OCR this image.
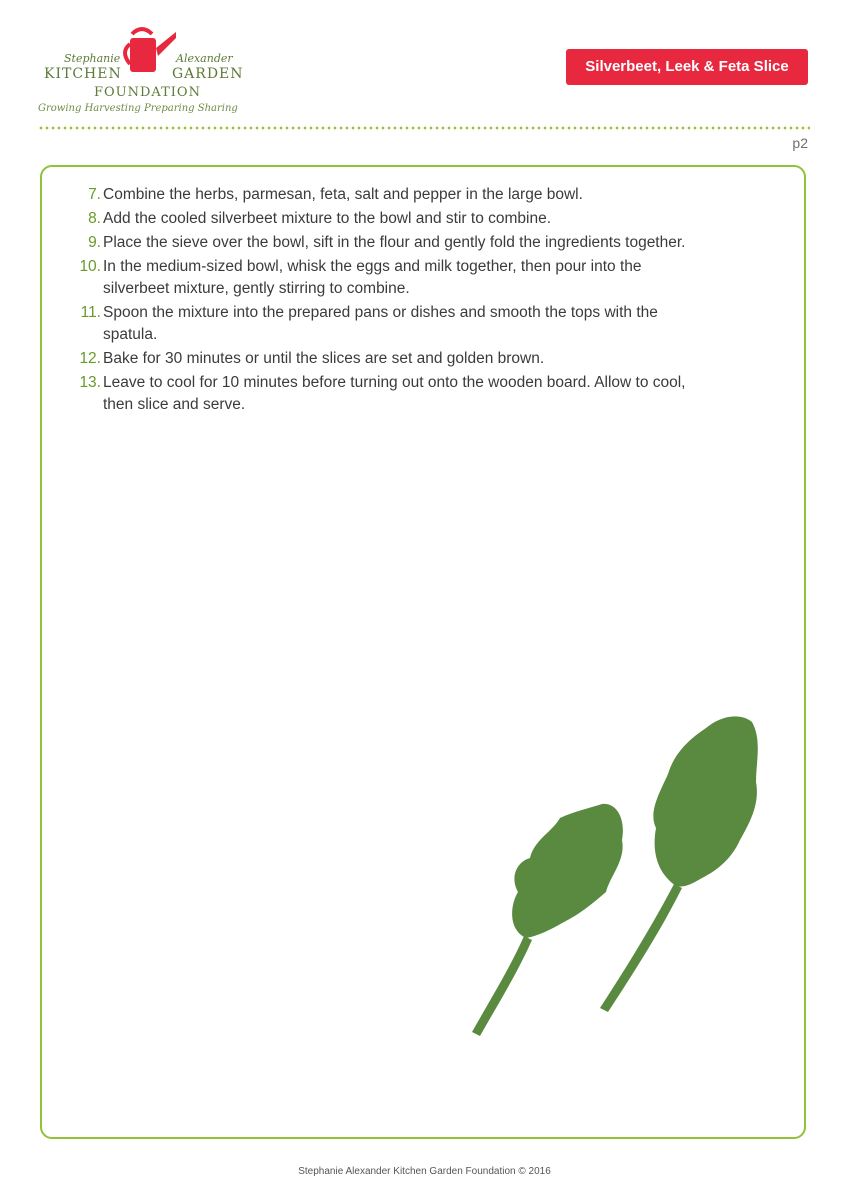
Stephanie	Alexander
KITCHEN	GARDEN
FOUNDATION
Growing Harvesting Preparing Sharing
Silverbeet, Leek & Feta Slice
p2
7. Combine the herbs, parmesan, feta, salt and pepper in the large bowl.
8. Add the cooled silverbeet mixture to the bowl and stir to combine.
9. Place the sieve over the bowl, sift in the flour and gently fold the ingredients together.
10. In the medium-sized bowl, whisk the eggs and milk together, then pour into the silverbeet mixture, gently stirring to combine.
11. Spoon the mixture into the prepared pans or dishes and smooth the tops with the spatula.
12. Bake for 30 minutes or until the slices are set and golden brown.
13. Leave to cool for 10 minutes before turning out onto the wooden board. Allow to cool, then slice and serve.
Stephanie Alexander Kitchen Garden Foundation © 2016
